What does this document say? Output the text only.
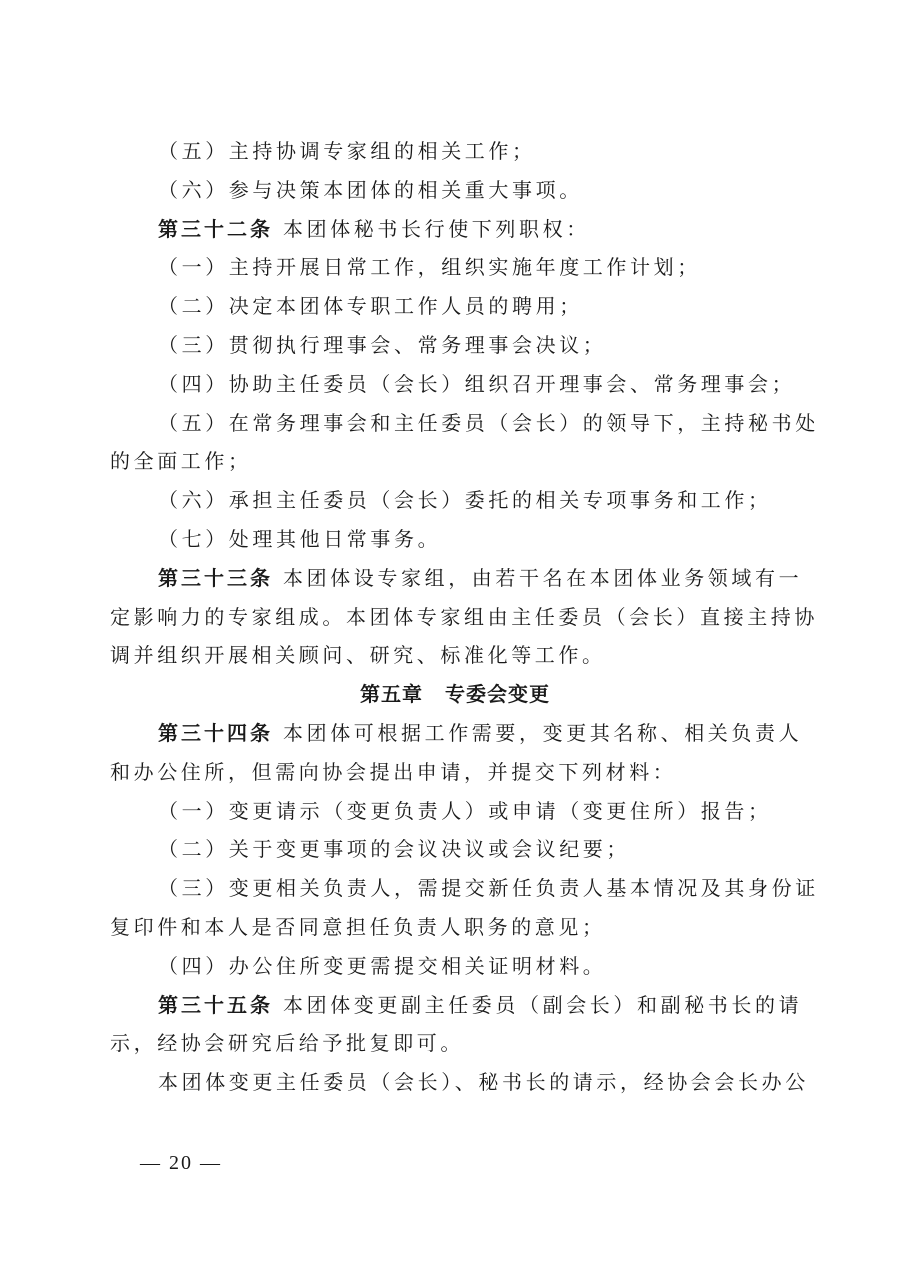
（五）主持协调专家组的相关工作；
（六）参与决策本团体的相关重大事项。
第三十二条 本团体秘书长行使下列职权：
（一）主持开展日常工作，组织实施年度工作计划；
（二）决定本团体专职工作人员的聘用；
（三）贯彻执行理事会、常务理事会决议；
（四）协助主任委员（会长）组织召开理事会、常务理事会；
（五）在常务理事会和主任委员（会长）的领导下，主持秘书处
的全面工作；
（六）承担主任委员（会长）委托的相关专项事务和工作；
（七）处理其他日常事务。
第三十三条 本团体设专家组，由若干名在本团体业务领域有一
定影响力的专家组成。本团体专家组由主任委员（会长）直接主持协
调并组织开展相关顾问、研究、标准化等工作。
第五章 专委会变更
第三十四条 本团体可根据工作需要，变更其名称、相关负责人
和办公住所，但需向协会提出申请，并提交下列材料：
（一）变更请示（变更负责人）或申请（变更住所）报告；
（二）关于变更事项的会议决议或会议纪要；
（三）变更相关负责人，需提交新任负责人基本情况及其身份证
复印件和本人是否同意担任负责人职务的意见；
（四）办公住所变更需提交相关证明材料。
第三十五条 本团体变更副主任委员（副会长）和副秘书长的请
示，经协会研究后给予批复即可。
本团体变更主任委员（会长）、秘书长的请示，经协会会长办公
— 20 —
